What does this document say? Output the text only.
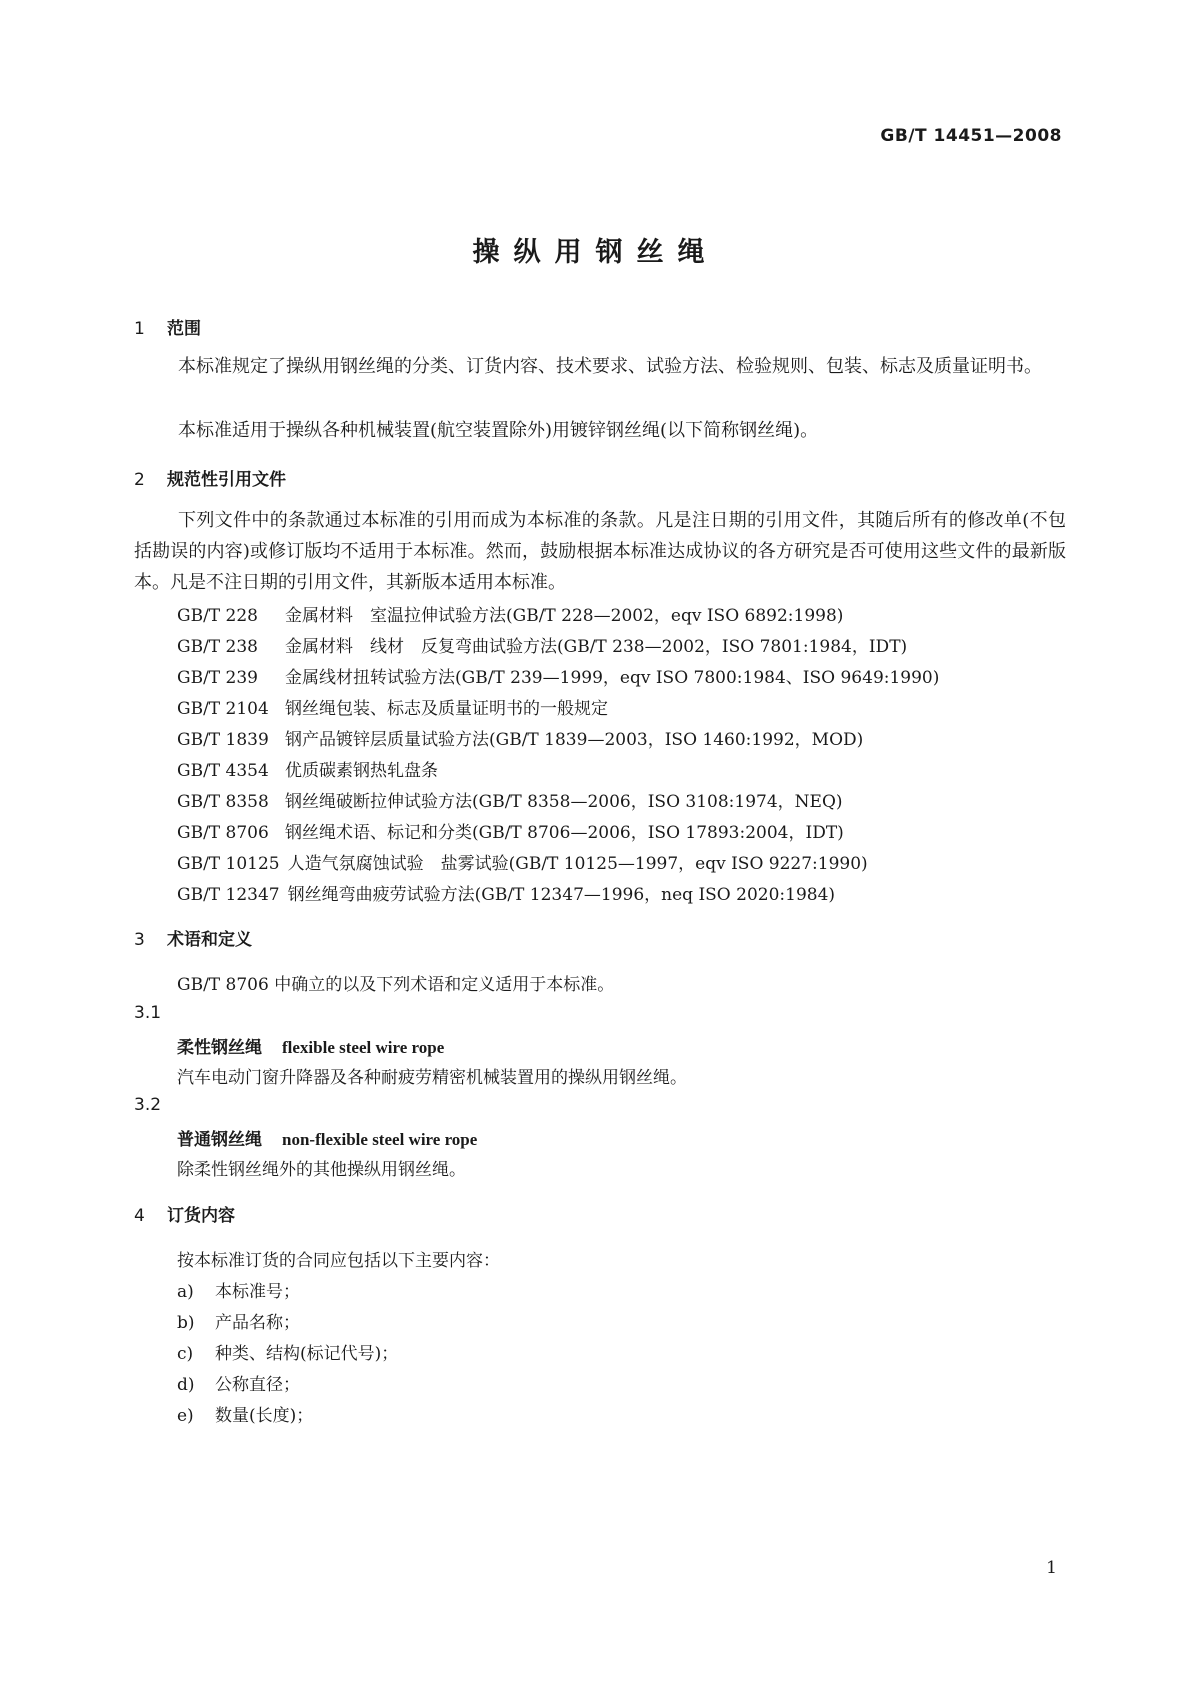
GB/T 14451—2008
操纵用钢丝绳
1 范围

本标准规定了操纵用钢丝绳的分类、订货内容、技术要求、试验方法、检验规则、包装、标志及质量证明书。

本标准适用于操纵各种机械装置(航空装置除外)用镀锌钢丝绳(以下简称钢丝绳)。

2 规范性引用文件

下列文件中的条款通过本标准的引用而成为本标准的条款。凡是注日期的引用文件，其随后所有的修改单(不包括勘误的内容)或修订版均不适用于本标准。然而，鼓励根据本标准达成协议的各方研究是否可使用这些文件的最新版本。凡是不注日期的引用文件，其新版本适用本标准。

GB/T 228 金属材料　室温拉伸试验方法(GB/T 228—2002，eqv ISO 6892:1998)
GB/T 238 金属材料　线材　反复弯曲试验方法(GB/T 238—2002，ISO 7801:1984，IDT)
GB/T 239 金属线材扭转试验方法(GB/T 239—1999，eqv ISO 7800:1984、ISO 9649:1990)
GB/T 2104 钢丝绳包装、标志及质量证明书的一般规定
GB/T 1839 钢产品镀锌层质量试验方法(GB/T 1839—2003，ISO 1460:1992，MOD)
GB/T 4354 优质碳素钢热轧盘条
GB/T 8358 钢丝绳破断拉伸试验方法(GB/T 8358—2006，ISO 3108:1974，NEQ)
GB/T 8706 钢丝绳术语、标记和分类(GB/T 8706—2006，ISO 17893:2004，IDT)
GB/T 10125 人造气氛腐蚀试验　盐雾试验(GB/T 10125—1997，eqv ISO 9227:1990)
GB/T 12347 钢丝绳弯曲疲劳试验方法(GB/T 12347—1996，neq ISO 2020:1984)
3 术语和定义
GB/T 8706 中确立的以及下列术语和定义适用于本标准。
3.1
柔性钢丝绳 flexible steel wire rope
汽车电动门窗升降器及各种耐疲劳精密机械装置用的操纵用钢丝绳。
3.2
普通钢丝绳 non-flexible steel wire rope
除柔性钢丝绳外的其他操纵用钢丝绳。
4 订货内容
按本标准订货的合同应包括以下主要内容：
a) 本标准号；
b) 产品名称；
c) 种类、结构(标记代号)；
d) 公称直径；
e) 数量(长度)；
1
